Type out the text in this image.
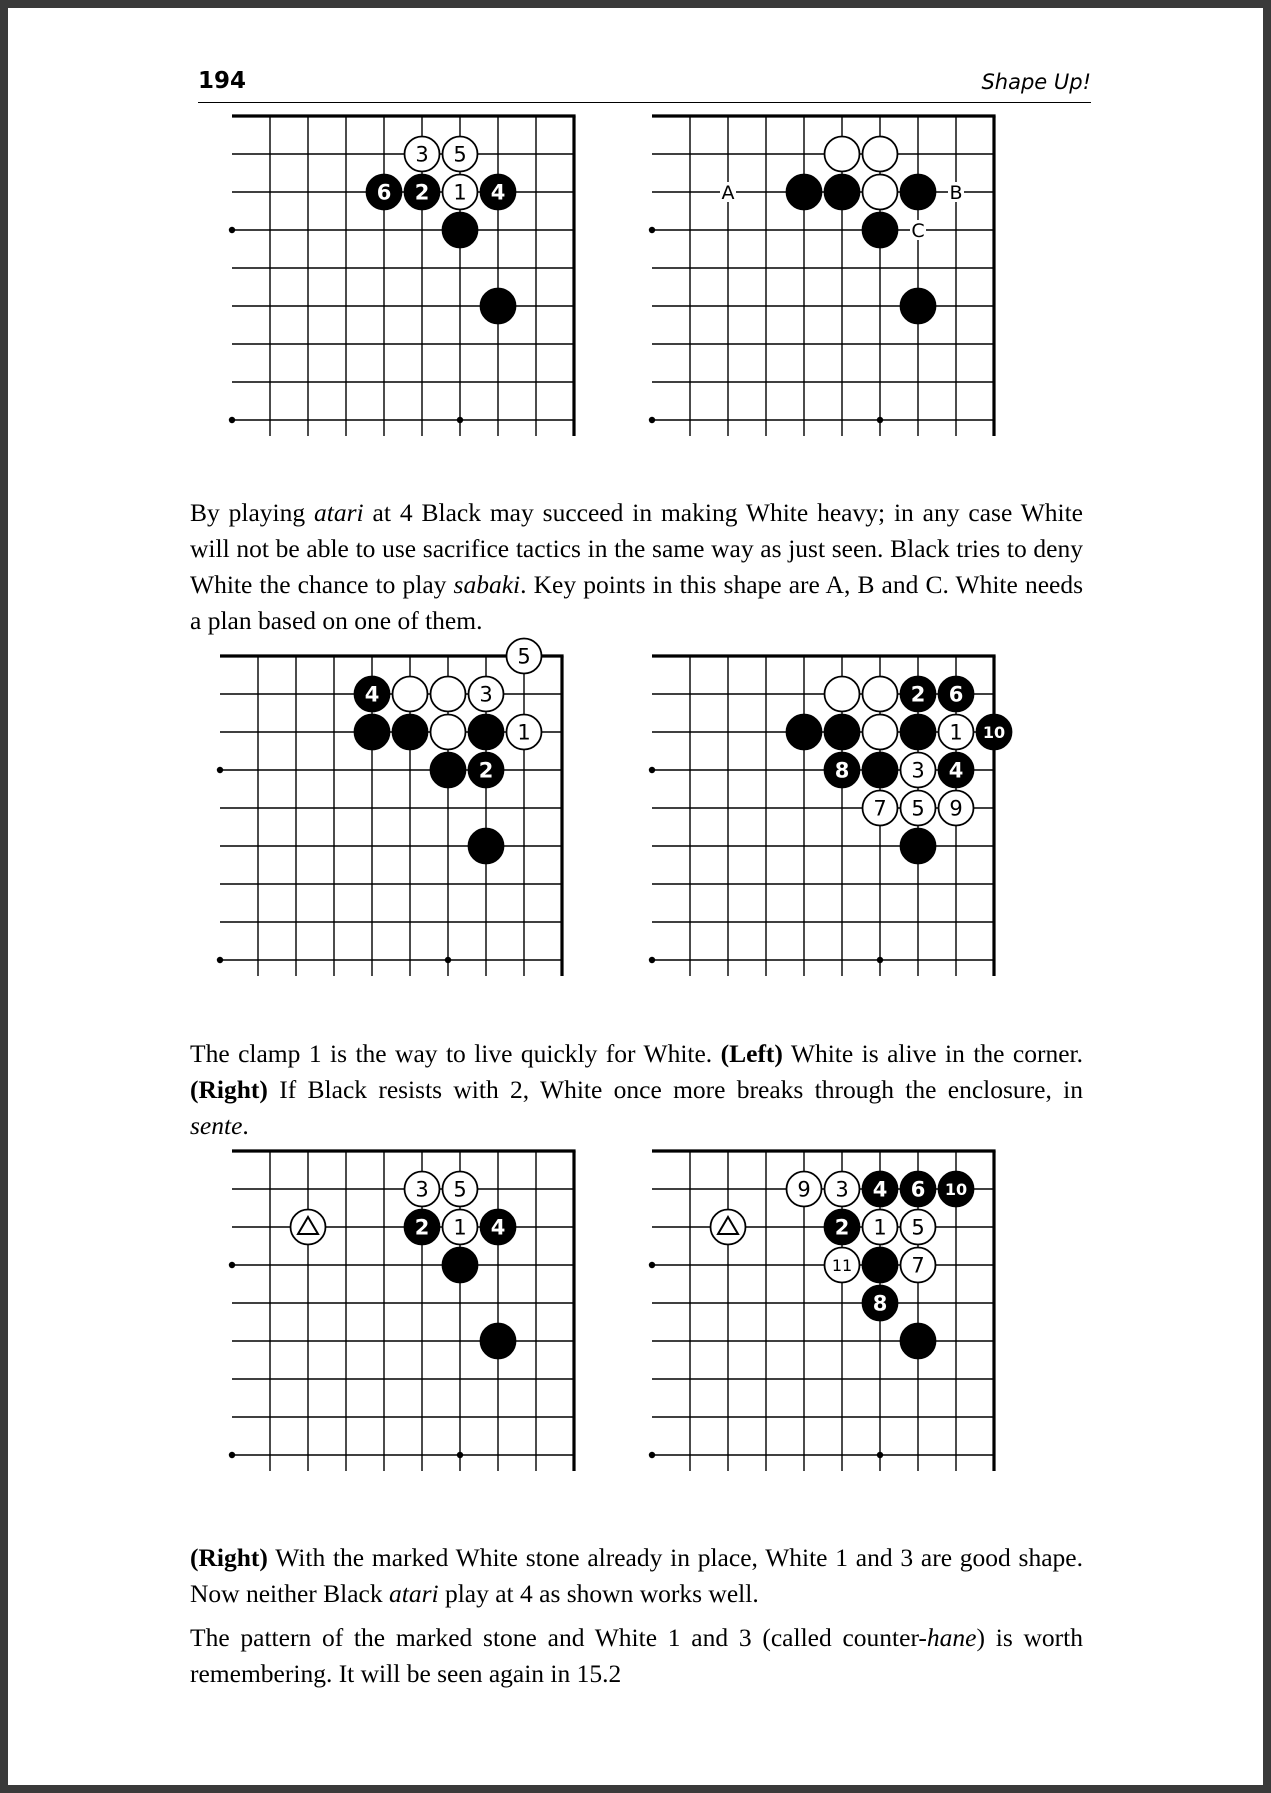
194	Shape Up!
3 5
6 2 1 4	A	B
C

By playing atari at 4 Black may succeed in making White heavy; in any case White will not be able to use sacrifice tactics in the same way as just seen. Black tries to deny White the chance to play sabaki. Key points in this shape are A, B and C. White needs a plan based on one of them.

5
4	3
1
2
2 6
1 10
8	3 4
7 5 9

The clamp 1 is the way to live quickly for White. (Left) White is alive in the corner. (Right) If Black resists with 2, White once more breaks through the enclosure, in sente.

3 5
2 1 4
9 3 4 6 10
2 1 5
11	7
8

(Right) With the marked White stone already in place, White 1 and 3 are good shape. Now neither Black atari play at 4 as shown works well.

The pattern of the marked stone and White 1 and 3 (called counter-hane) is worth remembering. It will be seen again in 15.2
